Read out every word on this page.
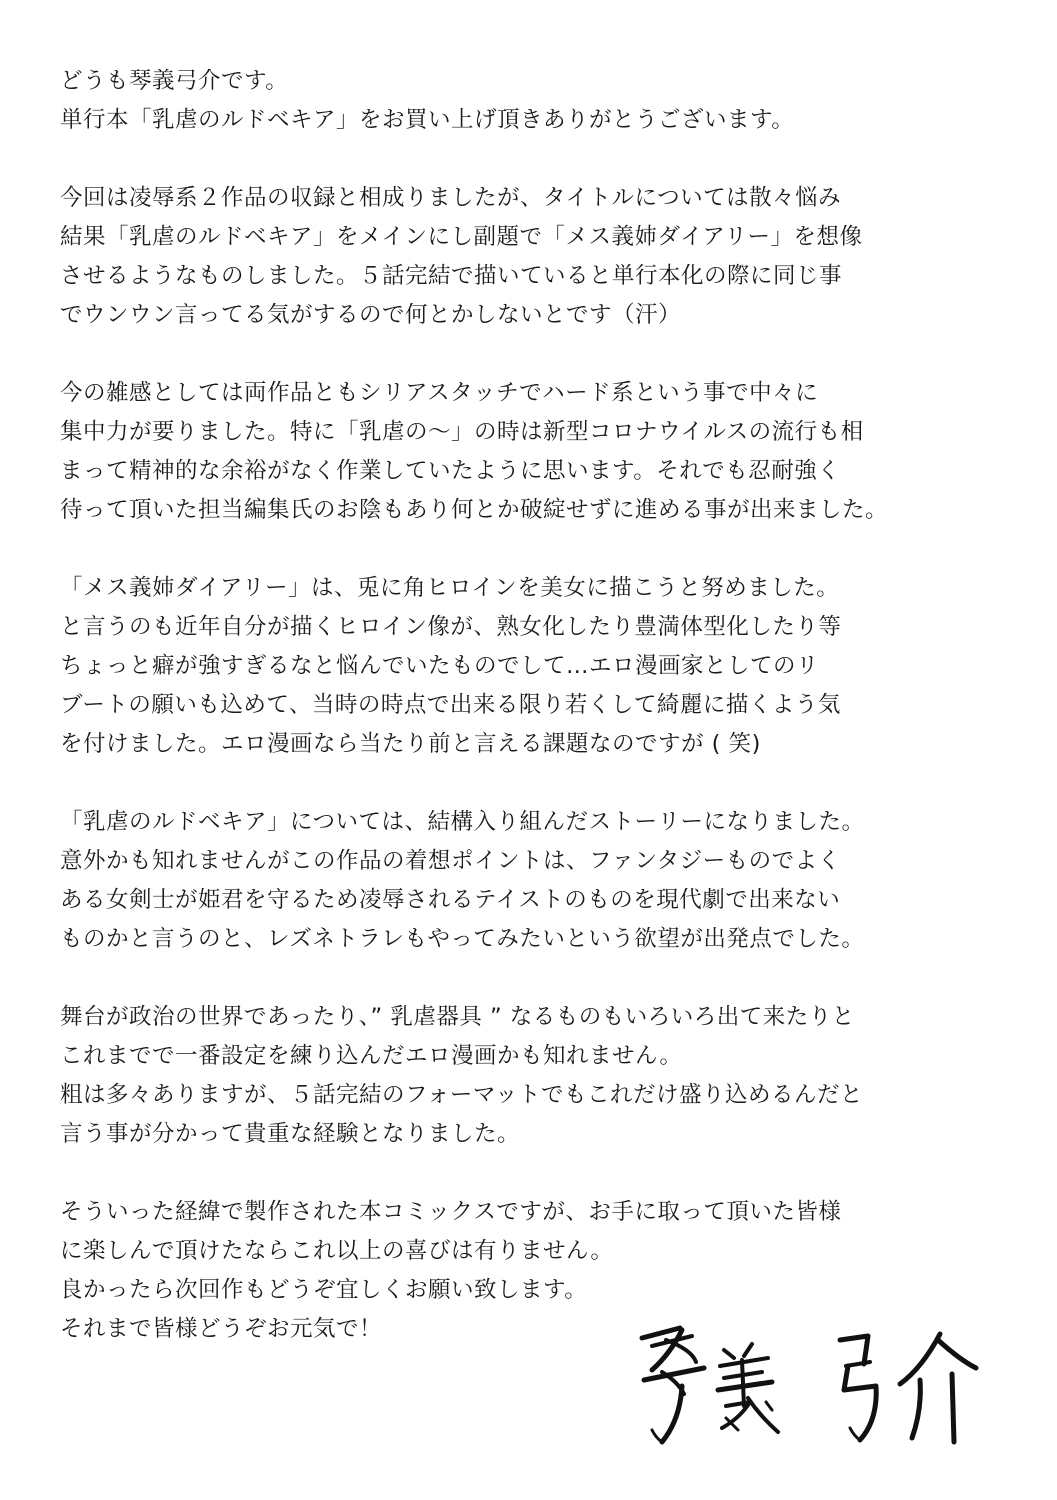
どうも琴義弓介です。
単行本「乳虐のルドベキア」をお買い上げ頂きありがとうございます。
今回は凌辱系２作品の収録と相成りましたが、タイトルについては散々悩み
結果「乳虐のルドベキア」をメインにし副題で「メス義姉ダイアリー」を想像
させるようなものしました。５話完結で描いていると単行本化の際に同じ事
でウンウン言ってる気がするので何とかしないとです（汗）
今の雑感としては両作品ともシリアスタッチでハード系という事で中々に
集中力が要りました。特に「乳虐の〜」の時は新型コロナウイルスの流行も相
まって精神的な余裕がなく作業していたように思います。それでも忍耐強く
待って頂いた担当編集氏のお陰もあり何とか破綻せずに進める事が出来ました。
「メス義姉ダイアリー」は、兎に角ヒロインを美女に描こうと努めました。
と言うのも近年自分が描くヒロイン像が、熟女化したり豊満体型化したり等
ちょっと癖が強すぎるなと悩んでいたものでして…エロ漫画家としてのリ
ブートの願いも込めて、当時の時点で出来る限り若くして綺麗に描くよう気
を付けました。エロ漫画なら当たり前と言える課題なのですが ( 笑)
「乳虐のルドベキア」については、結構入り組んだストーリーになりました。
意外かも知れませんがこの作品の着想ポイントは、ファンタジーものでよく
ある女剣士が姫君を守るため凌辱されるテイストのものを現代劇で出来ない
ものかと言うのと、レズネトラレもやってみたいという欲望が出発点でした。
舞台が政治の世界であったり、” 乳虐器具 ” なるものもいろいろ出て来たりと
これまでで一番設定を練り込んだエロ漫画かも知れません。
粗は多々ありますが、５話完結のフォーマットでもこれだけ盛り込めるんだと
言う事が分かって貴重な経験となりました。
そういった経緯で製作された本コミックスですが、お手に取って頂いた皆様
に楽しんで頂けたならこれ以上の喜びは有りません。
良かったら次回作もどうぞ宜しくお願い致します。
それまで皆様どうぞお元気で！
